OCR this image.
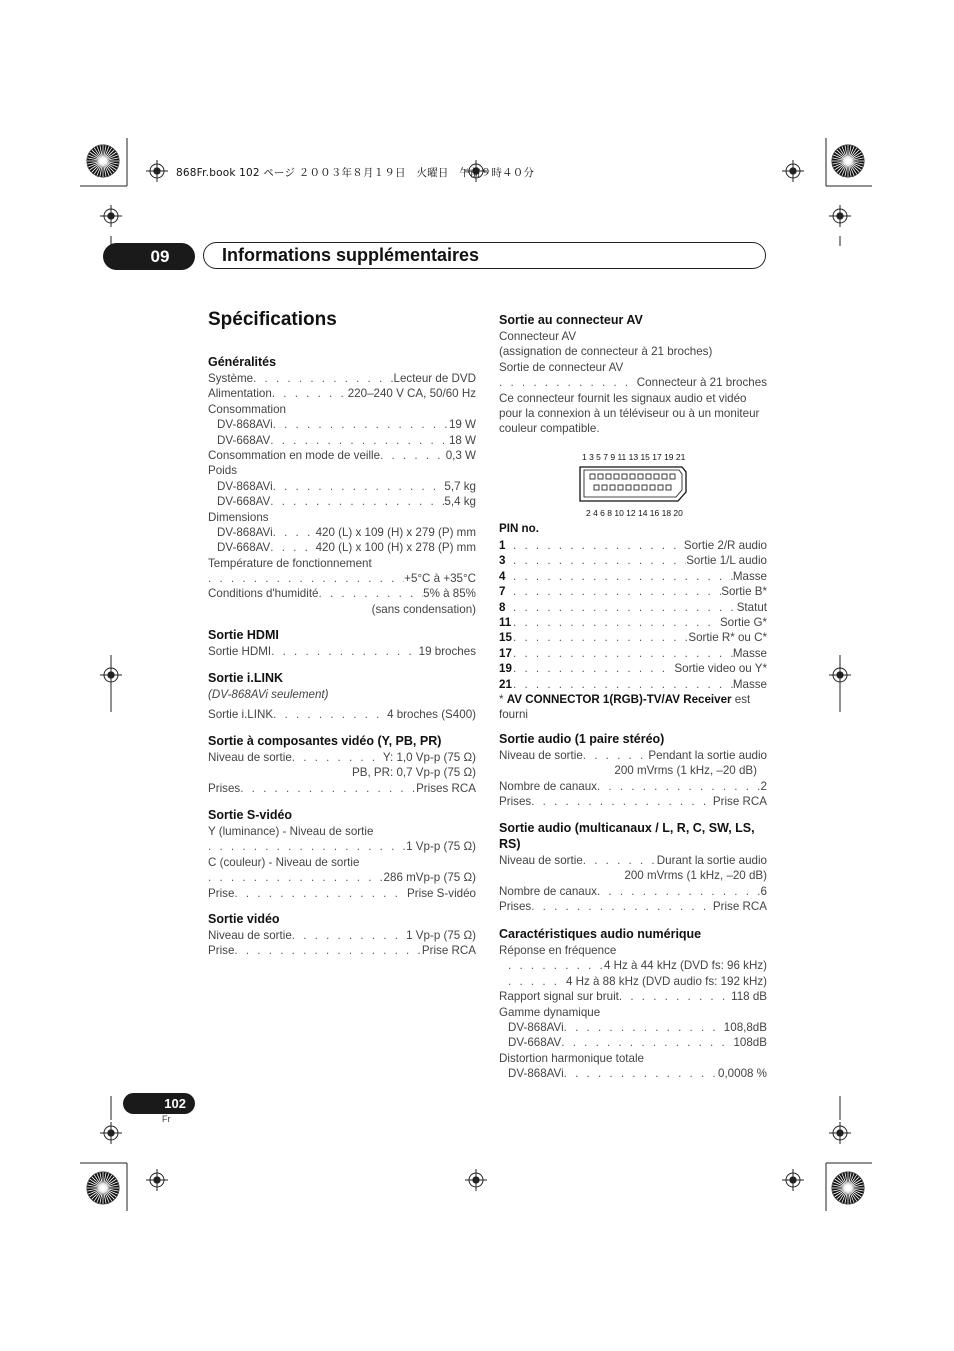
868Fr.book 102 ページ ２００３年８月１９日　火曜日　午前９時４０分
09	Informations supplémentaires
Spécifications
Généralités
Système . . .	Lecteur de DVD
Alimentation . . .	220–240 V CA, 50/60 Hz
Consommation
DV-868AVi . . .	19 W
DV-668AV . . .	18 W
Consommation en mode de veille . . .	0,3 W
Poids
DV-868AVi . . .	5,7 kg
DV-668AV . . .	5,4 kg
Dimensions
DV-868AVi . . .	420 (L) x 109 (H) x 279 (P) mm
DV-668AV . . .	420 (L) x 100 (H) x 278 (P) mm
Température de fonctionnement
. . .
+5°C à +35°C
Conditions d'humidité . . .	5% à 85%
(sans condensation)
Sortie HDMI
Sortie HDMI . . .	19 broches
Sortie i.LINK
(DV-868AVi seulement)
Sortie i.LINK . . .	4 broches (S400)
Sortie à composantes vidéo (Y, PB, PR)
Niveau de sortie . . .	Y: 1,0 Vp-p (75 Ω)
PB, PR: 0,7 Vp-p (75 Ω)
Prises . . .	Prises RCA
Sortie S-vidéo
Y (luminance) - Niveau de sortie
. . .
1 Vp-p (75 Ω)
C (couleur) - Niveau de sortie
. . .
286 mVp-p (75 Ω)
Prise . . .	Prise S-vidéo
Sortie vidéo
Niveau de sortie . . .	1 Vp-p (75 Ω)
Prise . . .	Prise RCA
Sortie au connecteur AV
Connecteur AV
(assignation de connecteur à 21 broches)
Sortie de connecteur AV
. . .
Connecteur à 21 broches
Ce connecteur fournit les signaux audio et vidéo pour la connexion à un téléviseur ou à un moniteur couleur compatible.
1 3 5 7 9 11 13 15 17 19 21
2 4 6 8 10 12 14 16 18 20
PIN no.
1 . . .	Sortie 2/R audio
3 . . .	Sortie 1/L audio
4 . . .	Masse
7 . . .	Sortie B*
8 . . .	Statut
11 . . .	Sortie G*
15 . . .	Sortie R* ou C*
17 . . .	Masse
19 . . .	Sortie video ou Y*
21 . . .	Masse
* AV CONNECTOR 1(RGB)-TV/AV Receiver est fourni
Sortie audio (1 paire stéréo)
Niveau de sortie . . .	Pendant la sortie audio
200 mVrms (1 kHz, –20 dB)
Nombre de canaux . . .	2
Prises . . .	Prise RCA
Sortie audio (multicanaux / L, R, C, SW, LS, RS)
Niveau de sortie . . .	Durant la sortie audio
200 mVrms (1 kHz, –20 dB)
Nombre de canaux . . .	6
Prises . . .	Prise RCA
Caractéristiques audio numérique
Réponse en fréquence
. . .
4 Hz à 44 kHz (DVD fs: 96 kHz)
. . .
4 Hz à 88 kHz (DVD audio fs: 192 kHz)
Rapport signal sur bruit . . .	118 dB
Gamme dynamique
DV-868AVi . . .	108,8dB
DV-668AV . . .	108dB
Distortion harmonique totale
DV-868AVi . . .	0,0008 %
102
Fr
